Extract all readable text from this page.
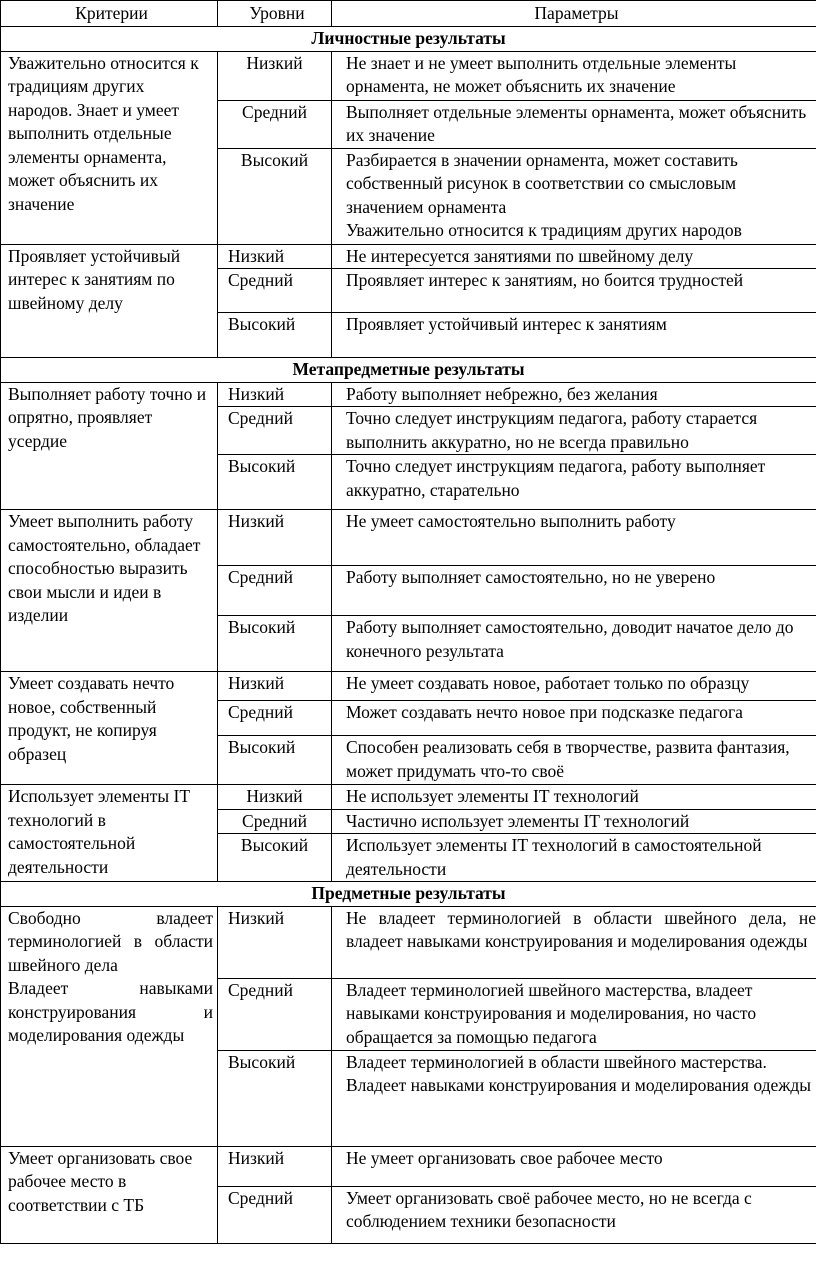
Критерии	Уровни	Параметры
Личностные результаты		
Уважительно относится к традициям других народов. Знает и умеет выполнить отдельные элементы орнамента, может объяснить их значение	Низкий	Не знает и не умеет выполнить отдельные элементы орнамента, не может объяснить их значение
	Средний	Выполняет отдельные элементы орнамента, может объяснить их значение
	Высокий	Разбирается в значении орнамента, может составить собственный рисунок в соответствии со смысловым значением орнамента
Уважительно относится к традициям других народов

Проявляет устойчивый интерес к занятиям по швейному делу	Низкий	Не интересуется занятиями по швейному делу
	Средний	Проявляет интерес к занятиям, но боится трудностей
	Высокий	Проявляет устойчивый интерес к занятиям
Метапредметные результаты		
Выполняет работу точно и опрятно, проявляет усердие	Низкий	Работу выполняет небрежно, без желания
	Средний	Точно следует инструкциям педагога, работу старается выполнить аккуратно, но не всегда правильно
	Высокий	Точно следует инструкциям педагога, работу выполняет аккуратно, старательно
Умеет выполнить работу самостоятельно, обладает способностью выразить свои мысли и идеи в изделии	Низкий	Не умеет самостоятельно выполнить работу
	Средний	Работу выполняет самостоятельно, но не уверено
	Высокий	Работу выполняет самостоятельно, доводит начатое дело до конечного результата
Умеет создавать нечто новое, собственный продукт, не копируя образец	Низкий	Не умеет создавать новое, работает только по образцу
	Средний	Может создавать нечто новое при подсказке педагога
	Высокий	Способен реализовать себя в творчестве, развита фантазия, может придумать что-то своё
Использует элементы IT технологий в самостоятельной деятельности	Низкий	Не использует элементы IT технологий
	Средний	Частично использует элементы IT технологий
	Высокий	Использует элементы IT технологий в самостоятельной деятельности
Предметные результаты		

Свободно владеет терминологией в области швейного дела
Владеет навыками конструирования и моделирования одежды	Низкий	Не владеет терминологией в области швейного дела, не владеет навыками конструирования и моделирования одежды
	Средний	Владеет терминологией швейного мастерства, владеет навыками конструирования и моделирования, но часто обращается за помощью педагога
	Высокий	Владеет терминологией в области швейного мастерства.
Владеет навыками конструирования и моделирования одежды

Умеет организовать свое рабочее место в соответствии с ТБ	Низкий	Не умеет организовать свое рабочее место
	Средний	Умеет организовать своё рабочее место, но не всегда с соблюдением техники безопасности
